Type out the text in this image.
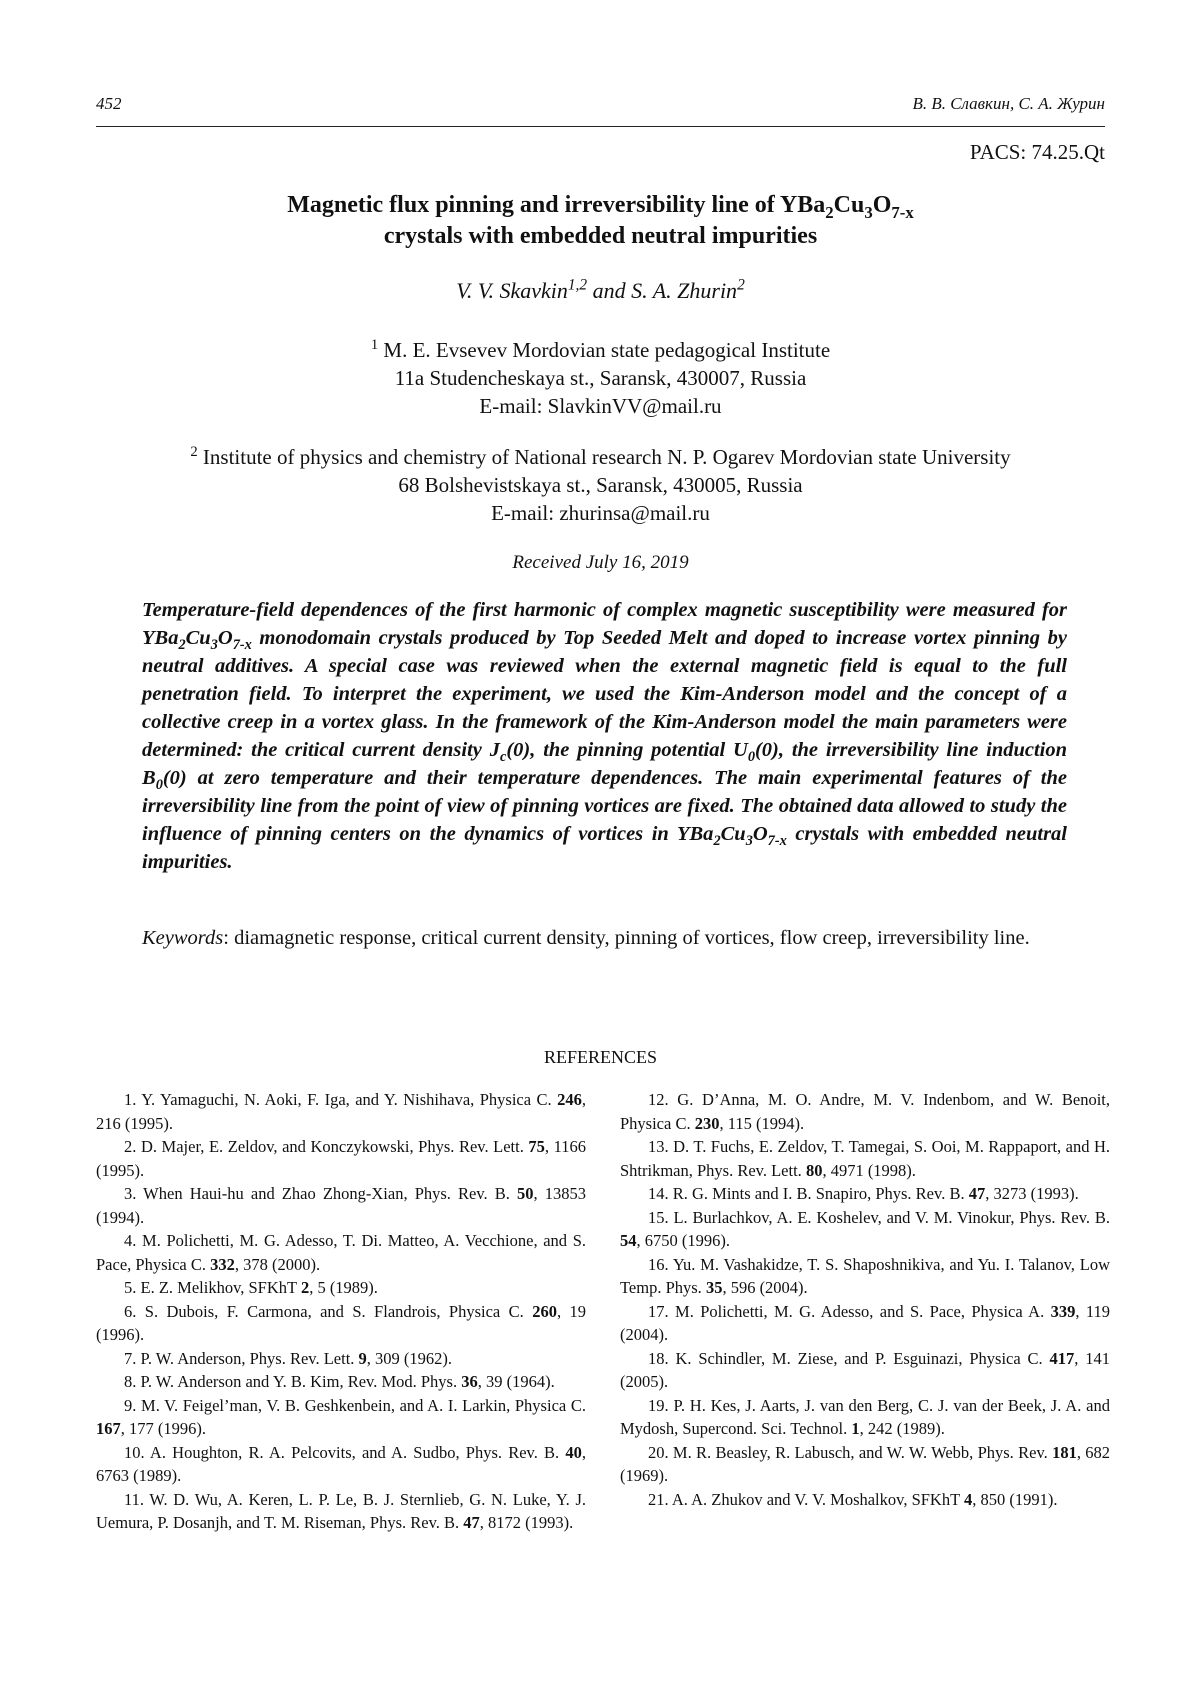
452	В. В. Славкин, С. А. Журин
PACS: 74.25.Qt
Magnetic flux pinning and irreversibility line of YBa2Cu3O7-x
crystals with embedded neutral impurities
V. V. Skavkin1,2 and S. A. Zhurin2
1 M. E. Evsevev Mordovian state pedagogical Institute
11a Studencheskaya st., Saransk, 430007, Russia
E-mail: SlavkinVV@mail.ru
2 Institute of physics and chemistry of National research N. P. Ogarev Mordovian state University
68 Bolshevistskaya st., Saransk, 430005, Russia
E-mail: zhurinsa@mail.ru
Received July 16, 2019
Temperature-field dependences of the first harmonic of complex magnetic susceptibility were measured for YBa2Cu3O7-x monodomain crystals produced by Top Seeded Melt and doped to increase vortex pinning by neutral additives. A special case was reviewed when the external magnetic field is equal to the full penetration field. To interpret the experiment, we used the Kim-Anderson model and the concept of a collective creep in a vortex glass. In the framework of the Kim-Anderson model the main parameters were determined: the critical current density Jc(0), the pinning potential U0(0), the irreversibility line induction B0(0) at zero temperature and their temperature dependences. The main experimental features of the irreversibility line from the point of view of pinning vortices are fixed. The obtained data allowed to study the influence of pinning centers on the dynamics of vortices in YBa2Cu3O7-x crystals with embedded neutral impurities.
Keywords: diamagnetic response, critical current density, pinning of vortices, flow creep, irreversibility line.
REFERENCES
1. Y. Yamaguchi, N. Aoki, F. Iga, and Y. Nishihava, Physica C. 246, 216 (1995).
2. D. Majer, E. Zeldov, and Konczykowski, Phys. Rev. Lett. 75, 1166 (1995).
3. When Haui-hu and Zhao Zhong-Xian, Phys. Rev. B. 50, 13853 (1994).
4. M. Polichetti, M. G. Adesso, T. Di. Matteo, A. Vecchione, and S. Pace, Physica C. 332, 378 (2000).
5. E. Z. Melikhov, SFKhT 2, 5 (1989).
6. S. Dubois, F. Carmona, and S. Flandrois, Physica C. 260, 19 (1996).
7. P. W. Anderson, Phys. Rev. Lett. 9, 309 (1962).
8. P. W. Anderson and Y. B. Kim, Rev. Mod. Phys. 36, 39 (1964).
9. M. V. Feigel’man, V. B. Geshkenbein, and A. I. Larkin, Physica C. 167, 177 (1996).
10. A. Houghton, R. A. Pelcovits, and A. Sudbo, Phys. Rev. B. 40, 6763 (1989).
11. W. D. Wu, A. Keren, L. P. Le, B. J. Sternlieb, G. N. Luke, Y. J. Uemura, P. Dosanjh, and T. M. Riseman, Phys. Rev. B. 47, 8172 (1993).
12. G. D’Anna, M. O. Andre, M. V. Indenbom, and W. Benoit, Physica C. 230, 115 (1994).
13. D. T. Fuchs, E. Zeldov, T. Tamegai, S. Ooi, M. Rappaport, and H. Shtrikman, Phys. Rev. Lett. 80, 4971 (1998).
14. R. G. Mints and I. B. Snapiro, Phys. Rev. B. 47, 3273 (1993).
15. L. Burlachkov, A. E. Koshelev, and V. M. Vinokur, Phys. Rev. B. 54, 6750 (1996).
16. Yu. M. Vashakidze, T. S. Shaposhnikiva, and Yu. I. Talanov, Low Temp. Phys. 35, 596 (2004).
17. M. Polichetti, M. G. Adesso, and S. Pace, Physica A. 339, 119 (2004).
18. K. Schindler, M. Ziese, and P. Esguinazi, Physica C. 417, 141 (2005).
19. P. H. Kes, J. Aarts, J. van den Berg, C. J. van der Beek, J. A. and Mydosh, Supercond. Sci. Technol. 1, 242 (1989).
20. M. R. Beasley, R. Labusch, and W. W. Webb, Phys. Rev. 181, 682 (1969).
21. A. A. Zhukov and V. V. Moshalkov, SFKhT 4, 850 (1991).
